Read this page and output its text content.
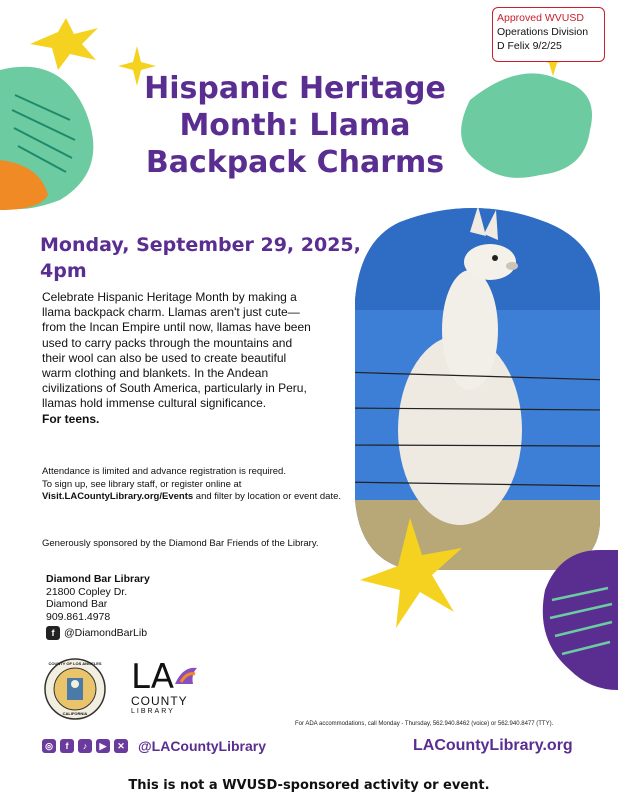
Approved WVUSD
Operations Division
D Felix 9/2/25
Hispanic Heritage
Month: Llama
Backpack Charms
Monday, September 29, 2025,
4pm
Celebrate Hispanic Heritage Month by making a llama backpack charm. Llamas aren't just cute—from the Incan Empire until now, llamas have been used to carry packs through the mountains and their wool can also be used to create beautiful warm clothing and blankets. In the Andean civilizations of South America, particularly in Peru, llamas hold immense cultural significance.
For teens.
Attendance is limited and advance registration is required.
To sign up, see library staff, or register online at
Visit.LACountyLibrary.org/Events and filter by location or event date.
Generously sponsored by the Diamond Bar Friends of the Library.
Diamond Bar Library
21800 Copley Dr.
Diamond Bar
909.861.4978
f @DiamondBarLib
COUNTY OF LOS ANGELES
CALIFORNIA
LA
COUNTY
LIBRARY
For ADA accommodations, call Monday - Thursday, 562.940.8462 (voice) or 562.940.8477 (TTY).
◎	f	♪	▶	✕ @LACountyLibrary	LACountyLibrary.org
This is not a WVUSD-sponsored activity or event.
